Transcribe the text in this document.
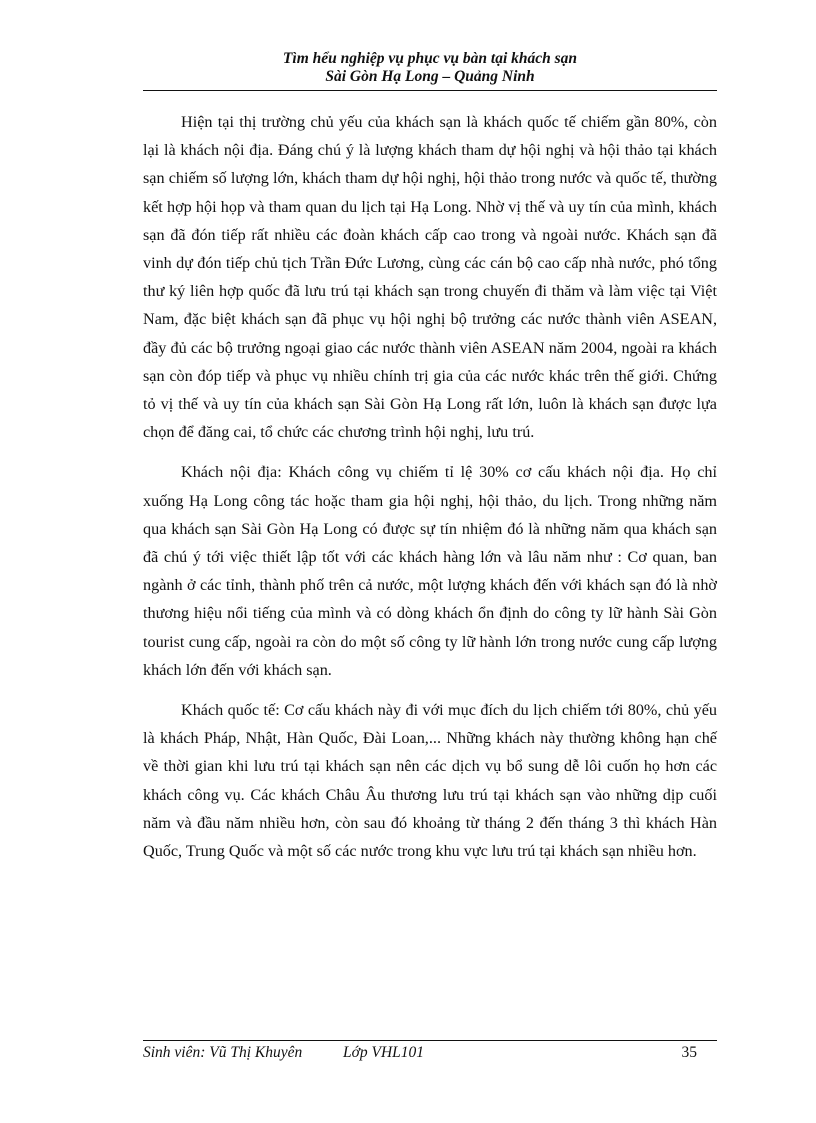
Tìm hểu nghiệp vụ phục vụ bàn tại khách sạn
Sài Gòn Hạ Long – Quảng Ninh

Hiện tại thị trường chủ yếu của khách sạn là khách quốc tế chiếm gần 80%, còn lại là khách nội địa. Đáng chú ý là lượng khách tham dự hội nghị và hội thảo tại khách sạn chiếm số lượng lớn, khách tham dự hội nghị, hội thảo trong nước và quốc tế, thường kết hợp hội họp và tham quan du lịch tại Hạ Long. Nhờ vị thế và uy tín của mình, khách sạn đã đón tiếp rất nhiều các đoàn khách cấp cao trong và ngoài nước. Khách sạn đã vinh dự đón tiếp chủ tịch Trần Đức Lương, cùng các cán bộ cao cấp nhà nước, phó tổng thư ký liên hợp quốc đã lưu trú tại khách sạn trong chuyến đi thăm và làm việc tại Việt Nam, đặc biệt khách sạn đã phục vụ hội nghị bộ trưởng các nước thành viên ASEAN, đầy đủ các bộ trưởng ngoại giao các nước thành viên ASEAN năm 2004, ngoài ra khách sạn còn đóp tiếp và phục vụ nhiều chính trị gia của các nước khác trên thế giới. Chứng tỏ vị thế và uy tín của khách sạn Sài Gòn Hạ Long rất lớn, luôn là khách sạn được lựa chọn để đăng cai, tổ chức các chương trình hội nghị, lưu trú.

Khách nội địa: Khách công vụ chiếm tỉ lệ 30% cơ cấu khách nội địa. Họ chỉ xuống Hạ Long công tác hoặc tham gia hội nghị, hội thảo, du lịch. Trong những năm qua khách sạn Sài Gòn Hạ Long có được sự tín nhiệm đó là những năm qua khách sạn đã chú ý tới việc thiết lập tốt với các khách hàng lớn và lâu năm như : Cơ quan, ban ngành ở các tỉnh, thành phố trên cả nước, một lượng khách đến với khách sạn đó là nhờ thương hiệu nổi tiếng của mình và có dòng khách ổn định do công ty lữ hành Sài Gòn tourist cung cấp, ngoài ra còn do một số công ty lữ hành lớn trong nước cung cấp lượng khách lớn đến với khách sạn.

Khách quốc tế: Cơ cấu khách này đi với mục đích du lịch chiếm tới 80%, chủ yếu là khách Pháp, Nhật, Hàn Quốc, Đài Loan,... Những khách này thường không hạn chế về thời gian khi lưu trú tại khách sạn nên các dịch vụ bổ sung dễ lôi cuốn họ hơn các khách công vụ. Các khách Châu Âu thương lưu trú tại khách sạn vào những dịp cuối năm và đầu năm nhiều hơn, còn sau đó khoảng từ tháng 2 đến tháng 3 thì khách Hàn Quốc, Trung Quốc và một số các nước trong khu vực lưu trú tại khách sạn nhiều hơn.

Sinh viên: Vũ Thị Khuyên	Lớp VHL101	35
